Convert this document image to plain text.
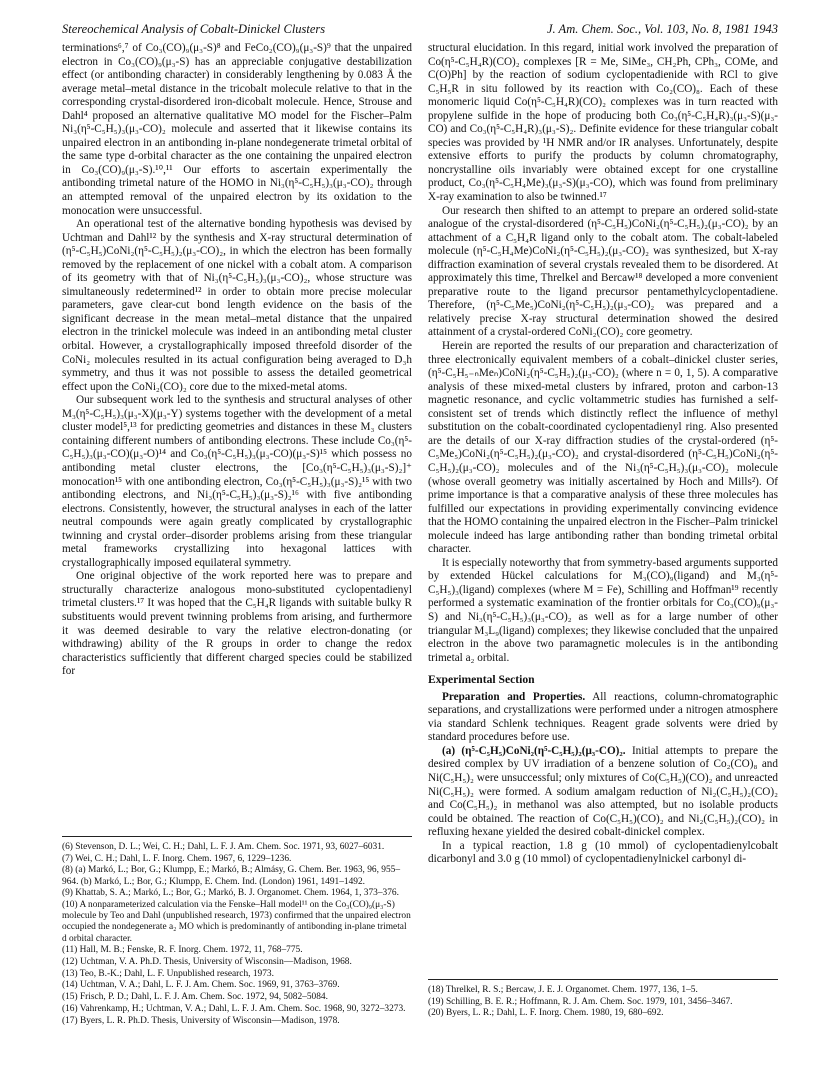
Stereochemical Analysis of Cobalt-Dinickel Clusters	J. Am. Chem. Soc., Vol. 103, No. 8, 1981 1943

terminations⁶,⁷ of Co₃(CO)₉(μ₃-S)⁸ and FeCo₂(CO)₉(μ₃-S)⁹ that the unpaired electron in Co₃(CO)₉(μ₃-S) has an appreciable conjugative destabilization effect (or antibonding character) in considerably lengthening by 0.083 Å the average metal–metal distance in the tricobalt molecule relative to that in the corresponding crystal-disordered iron-dicobalt molecule. Hence, Strouse and Dahl⁴ proposed an alternative qualitative MO model for the Fischer–Palm Ni₃(η⁵-C₅H₅)₃(μ₃-CO)₂ molecule and asserted that it likewise contains its unpaired electron in an antibonding in-plane nondegenerate trimetal orbital of the same type d-orbital character as the one containing the unpaired electron in Co₃(CO)₉(μ₃-S).¹⁰,¹¹ Our efforts to ascertain experimentally the antibonding trimetal nature of the HOMO in Ni₃(η⁵-C₅H₅)₃(μ₃-CO)₂ through an attempted removal of the unpaired electron by its oxidation to the monocation were unsuccessful.

An operational test of the alternative bonding hypothesis was devised by Uchtman and Dahl¹² by the synthesis and X-ray structural determination of (η⁵-C₅H₅)CoNi₂(η⁵-C₅H₅)₂(μ₃-CO)₂, in which the electron has been formally removed by the replacement of one nickel with a cobalt atom. A comparison of its geometry with that of Ni₃(η⁵-C₅H₅)₃(μ₃-CO)₂, whose structure was simultaneously redetermined¹² in order to obtain more precise molecular parameters, gave clear-cut bond length evidence on the basis of the significant decrease in the mean metal–metal distance that the unpaired electron in the trinickel molecule was indeed in an antibonding metal cluster orbital. However, a crystallographically imposed threefold disorder of the CoNi₂ molecules resulted in its actual configuration being averaged to D₃h symmetry, and thus it was not possible to assess the detailed geometrical effect upon the CoNi₂(CO)₂ core due to the mixed-metal atoms.

Our subsequent work led to the synthesis and structural analyses of other M₃(η⁵-C₅H₅)₃(μ₃-X)(μ₃-Y) systems together with the development of a metal cluster model⁵,¹³ for predicting geometries and distances in these M₃ clusters containing different numbers of antibonding electrons. These include Co₃(η⁵-C₅H₅)₃(μ₃-CO)(μ₃-O)¹⁴ and Co₃(η⁵-C₅H₅)₃(μ₃-CO)(μ₃-S)¹⁵ which possess no antibonding metal cluster electrons, the [Co₃(η⁵-C₅H₅)₃(μ₃-S)₂]⁺ monocation¹⁵ with one antibonding electron, Co₃(η⁵-C₅H₅)₃(μ₃-S)₂¹⁵ with two antibonding electrons, and Ni₃(η⁵-C₅H₅)₃(μ₃-S)₂¹⁶ with five antibonding electrons. Consistently, however, the structural analyses in each of the latter neutral compounds were again greatly complicated by crystallographic twinning and crystal order–disorder problems arising from these triangular metal frameworks crystallizing into hexagonal lattices with crystallographically imposed equilateral symmetry.

One original objective of the work reported here was to prepare and structurally characterize analogous mono-substituted cyclopentadienyl trimetal clusters.¹⁷ It was hoped that the C₅H₄R ligands with suitable bulky R substituents would prevent twinning problems from arising, and furthermore it was deemed desirable to vary the relative electron-donating (or withdrawing) ability of the R groups in order to change the redox characteristics sufficiently that different charged species could be stabilized for

(6) Stevenson, D. L.; Wei, C. H.; Dahl, L. F. J. Am. Chem. Soc. 1971, 93, 6027–6031.

(7) Wei, C. H.; Dahl, L. F. Inorg. Chem. 1967, 6, 1229–1236.

(8) (a) Markó, L.; Bor, G.; Klumpp, E.; Markó, B.; Almásy, G. Chem. Ber. 1963, 96, 955–964. (b) Markó, L.; Bor, G.; Klumpp, E. Chem. Ind. (London) 1961, 1491–1492.

(9) Khattab, S. A.; Markó, L.; Bor, G.; Markó, B. J. Organomet. Chem. 1964, 1, 373–376.

(10) A nonparameterized calculation via the Fenske–Hall model¹¹ on the Co₃(CO)₉(μ₃-S) molecule by Teo and Dahl (unpublished research, 1973) confirmed that the unpaired electron occupied the nondegenerate a₂ MO which is predominantly of antibonding in-plane trimetal d orbital character.

(11) Hall, M. B.; Fenske, R. F. Inorg. Chem. 1972, 11, 768–775.

(12) Uchtman, V. A. Ph.D. Thesis, University of Wisconsin—Madison, 1968.

(13) Teo, B.-K.; Dahl, L. F. Unpublished research, 1973.

(14) Uchtman, V. A.; Dahl, L. F. J. Am. Chem. Soc. 1969, 91, 3763–3769.

(15) Frisch, P. D.; Dahl, L. F. J. Am. Chem. Soc. 1972, 94, 5082–5084.

(16) Vahrenkamp, H.; Uchtman, V. A.; Dahl, L. F. J. Am. Chem. Soc. 1968, 90, 3272–3273.

(17) Byers, L. R. Ph.D. Thesis, University of Wisconsin—Madison, 1978.

structural elucidation. In this regard, initial work involved the preparation of Co(η⁵-C₅H₄R)(CO)₂ complexes [R = Me, SiMe₃, CH₂Ph, CPh₃, COMe, and C(O)Ph] by the reaction of sodium cyclopentadienide with RCl to give C₅H₅R in situ followed by its reaction with Co₂(CO)₈. Each of these monomeric liquid Co(η⁵-C₅H₄R)(CO)₂ complexes was in turn reacted with propylene sulfide in the hope of producing both Co₃(η⁵-C₅H₄R)₃(μ₃-S)(μ₃-CO) and Co₃(η⁵-C₅H₄R)₃(μ₃-S)₂. Definite evidence for these triangular cobalt species was provided by ¹H NMR and/or IR analyses. Unfortunately, despite extensive efforts to purify the products by column chromatography, noncrystalline oils invariably were obtained except for one crystalline product, Co₃(η⁵-C₅H₄Me)₃(μ₃-S)(μ₃-CO), which was found from preliminary X-ray examination to also be twinned.¹⁷

Our research then shifted to an attempt to prepare an ordered solid-state analogue of the crystal-disordered (η⁵-C₅H₅)CoNi₂(η⁵-C₅H₅)₂(μ₃-CO)₂ by an attachment of a C₅H₄R ligand only to the cobalt atom. The cobalt-labeled molecule (η⁵-C₅H₄Me)CoNi₂(η⁵-C₅H₅)₂(μ₃-CO)₂ was synthesized, but X-ray diffraction examination of several crystals revealed them to be disordered. At approximately this time, Threlkel and Bercaw¹⁸ developed a more convenient preparative route to the ligand precursor pentamethylcyclopentadiene. Therefore, (η⁵-C₅Me₅)CoNi₂(η⁵-C₅H₅)₂(μ₃-CO)₂ was prepared and a relatively precise X-ray structural determination showed the desired attainment of a crystal-ordered CoNi₂(CO)₂ core geometry.

Herein are reported the results of our preparation and characterization of three electronically equivalent members of a cobalt–dinickel cluster series, (η⁵-C₅H₅₋ₙMeₙ)CoNi₂(η⁵-C₅H₅)₂(μ₃-CO)₂ (where n = 0, 1, 5). A comparative analysis of these mixed-metal clusters by infrared, proton and carbon-13 magnetic resonance, and cyclic voltammetric studies has furnished a self-consistent set of trends which distinctly reflect the influence of methyl substitution on the cobalt-coordinated cyclopentadienyl ring. Also presented are the details of our X-ray diffraction studies of the crystal-ordered (η⁵-C₅Me₅)CoNi₂(η⁵-C₅H₅)₂(μ₃-CO)₂ and crystal-disordered (η⁵-C₅H₅)CoNi₂(η⁵-C₅H₅)₂(μ₃-CO)₂ molecules and of the Ni₃(η⁵-C₅H₅)₃(μ₃-CO)₂ molecule (whose overall geometry was initially ascertained by Hoch and Mills²). Of prime importance is that a comparative analysis of these three molecules has fulfilled our expectations in providing experimentally convincing evidence that the HOMO containing the unpaired electron in the Fischer–Palm trinickel molecule indeed has large antibonding rather than bonding trimetal orbital character.

It is especially noteworthy that from symmetry-based arguments supported by extended Hückel calculations for M₃(CO)₉(ligand) and M₃(η⁵-C₅H₅)₃(ligand) complexes (where M = Fe), Schilling and Hoffman¹⁹ recently performed a systematic examination of the frontier orbitals for Co₃(CO)₉(μ₃-S) and Ni₃(η⁵-C₅H₅)₃(μ₃-CO)₂ as well as for a large number of other triangular M₃L₉(ligand) complexes; they likewise concluded that the unpaired electron in the above two paramagnetic molecules is in the antibonding trimetal a₂ orbital.

Experimental Section

Preparation and Properties. All reactions, column-chromatographic separations, and crystallizations were performed under a nitrogen atmosphere via standard Schlenk techniques. Reagent grade solvents were dried by standard procedures before use.

(a) (η⁵-C₅H₅)CoNi₂(η⁵-C₅H₅)₂(μ₃-CO)₂. Initial attempts to prepare the desired complex by UV irradiation of a benzene solution of Co₂(CO)₈ and Ni(C₅H₅)₂ were unsuccessful; only mixtures of Co(C₅H₅)(CO)₂ and unreacted Ni(C₅H₅)₂ were formed. A sodium amalgam reduction of Ni₂(C₅H₅)₂(CO)₂ and Co(C₅H₅)₂ in methanol was also attempted, but no isolable products could be obtained. The reaction of Co(C₅H₅)(CO)₂ and Ni₂(C₅H₅)₂(CO)₂ in refluxing hexane yielded the desired cobalt-dinickel complex.

In a typical reaction, 1.8 g (10 mmol) of cyclopentadienylcobalt dicarbonyl and 3.0 g (10 mmol) of cyclopentadienylnickel carbonyl di-

(18) Threlkel, R. S.; Bercaw, J. E. J. Organomet. Chem. 1977, 136, 1–5.

(19) Schilling, B. E. R.; Hoffmann, R. J. Am. Chem. Soc. 1979, 101, 3456–3467.

(20) Byers, L. R.; Dahl, L. F. Inorg. Chem. 1980, 19, 680–692.
